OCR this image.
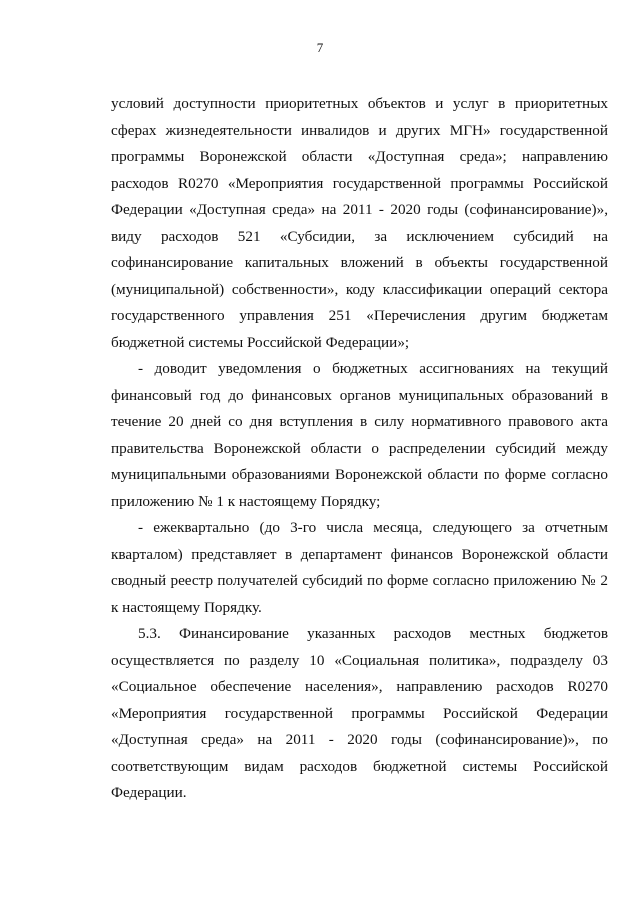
7

условий доступности приоритетных объектов и услуг в приоритетных сферах жизнедеятельности инвалидов и других МГН» государственной программы Воронежской области «Доступная среда»; направлению расходов R0270 «Мероприятия государственной программы Российской Федерации «Доступная среда» на 2011 - 2020 годы (софинансирование)», виду расходов 521 «Субсидии, за исключением субсидий на софинансирование капитальных вложений в объекты государственной (муниципальной) собственности», коду классификации операций сектора государственного управления 251 «Перечисления другим бюджетам бюджетной системы Российской Федерации»;

- доводит уведомления о бюджетных ассигнованиях на текущий финансовый год до финансовых органов муниципальных образований в течение 20 дней со дня вступления в силу нормативного правового акта правительства Воронежской области о распределении субсидий между муниципальными образованиями Воронежской области по форме согласно приложению № 1 к настоящему Порядку;

- ежеквартально (до 3-го числа месяца, следующего за отчетным кварталом) представляет в департамент финансов Воронежской области сводный реестр получателей субсидий по форме согласно приложению № 2 к настоящему Порядку.

5.3. Финансирование указанных расходов местных бюджетов осуществляется по разделу 10 «Социальная политика», подразделу 03 «Социальное обеспечение населения», направлению расходов R0270 «Мероприятия государственной программы Российской Федерации «Доступная среда» на 2011 - 2020 годы (софинансирование)», по соответствующим видам расходов бюджетной системы Российской Федерации.
